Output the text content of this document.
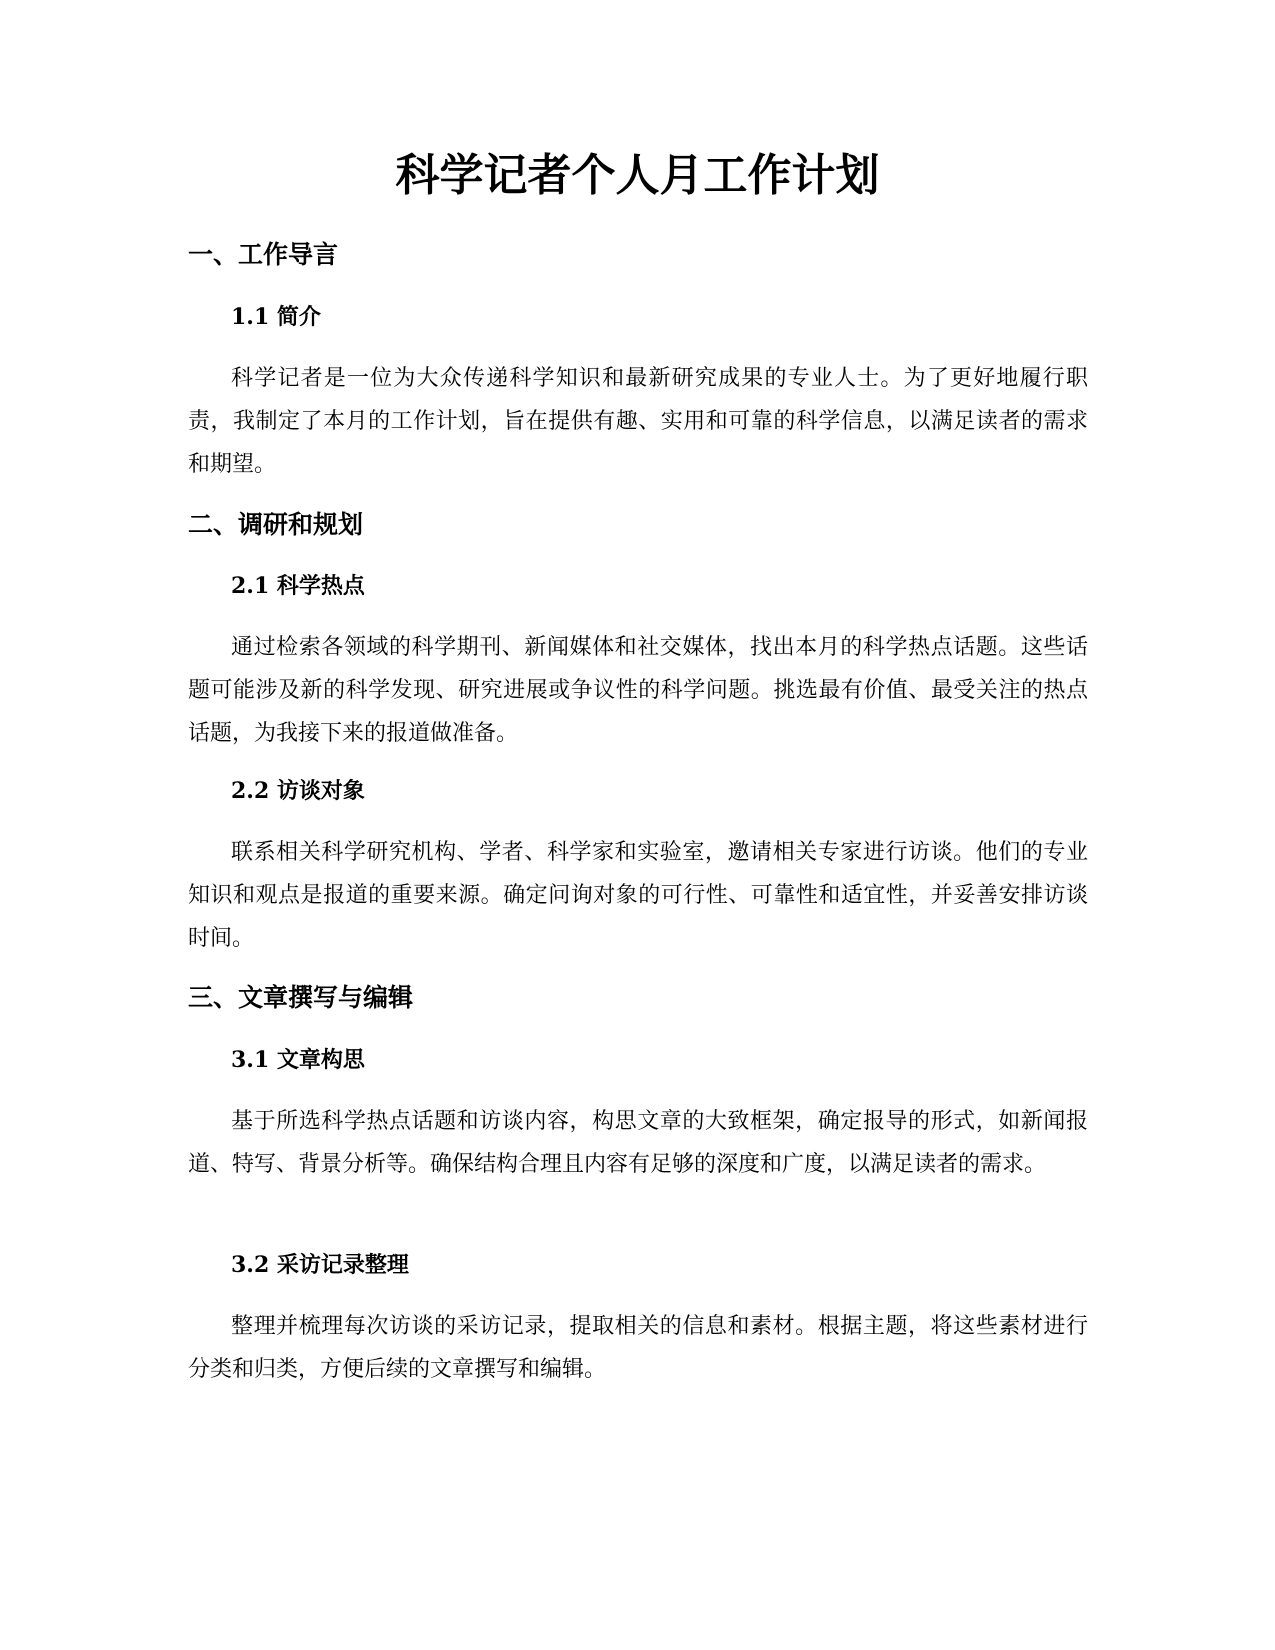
科学记者个人月工作计划
一、工作导言
1.1 简介

科学记者是一位为大众传递科学知识和最新研究成果的专业人士。为了更好地履行职责，我制定了本月的工作计划，旨在提供有趣、实用和可靠的科学信息，以满足读者的需求和期望。

二、调研和规划
2.1 科学热点

通过检索各领域的科学期刊、新闻媒体和社交媒体，找出本月的科学热点话题。这些话题可能涉及新的科学发现、研究进展或争议性的科学问题。挑选最有价值、最受关注的热点话题，为我接下来的报道做准备。

2.2 访谈对象

联系相关科学研究机构、学者、科学家和实验室，邀请相关专家进行访谈。他们的专业知识和观点是报道的重要来源。确定问询对象的可行性、可靠性和适宜性，并妥善安排访谈时间。

三、文章撰写与编辑
3.1 文章构思

基于所选科学热点话题和访谈内容，构思文章的大致框架，确定报导的形式，如新闻报道、特写、背景分析等。确保结构合理且内容有足够的深度和广度，以满足读者的需求。

3.2 采访记录整理

整理并梳理每次访谈的采访记录，提取相关的信息和素材。根据主题，将这些素材进行分类和归类，方便后续的文章撰写和编辑。
